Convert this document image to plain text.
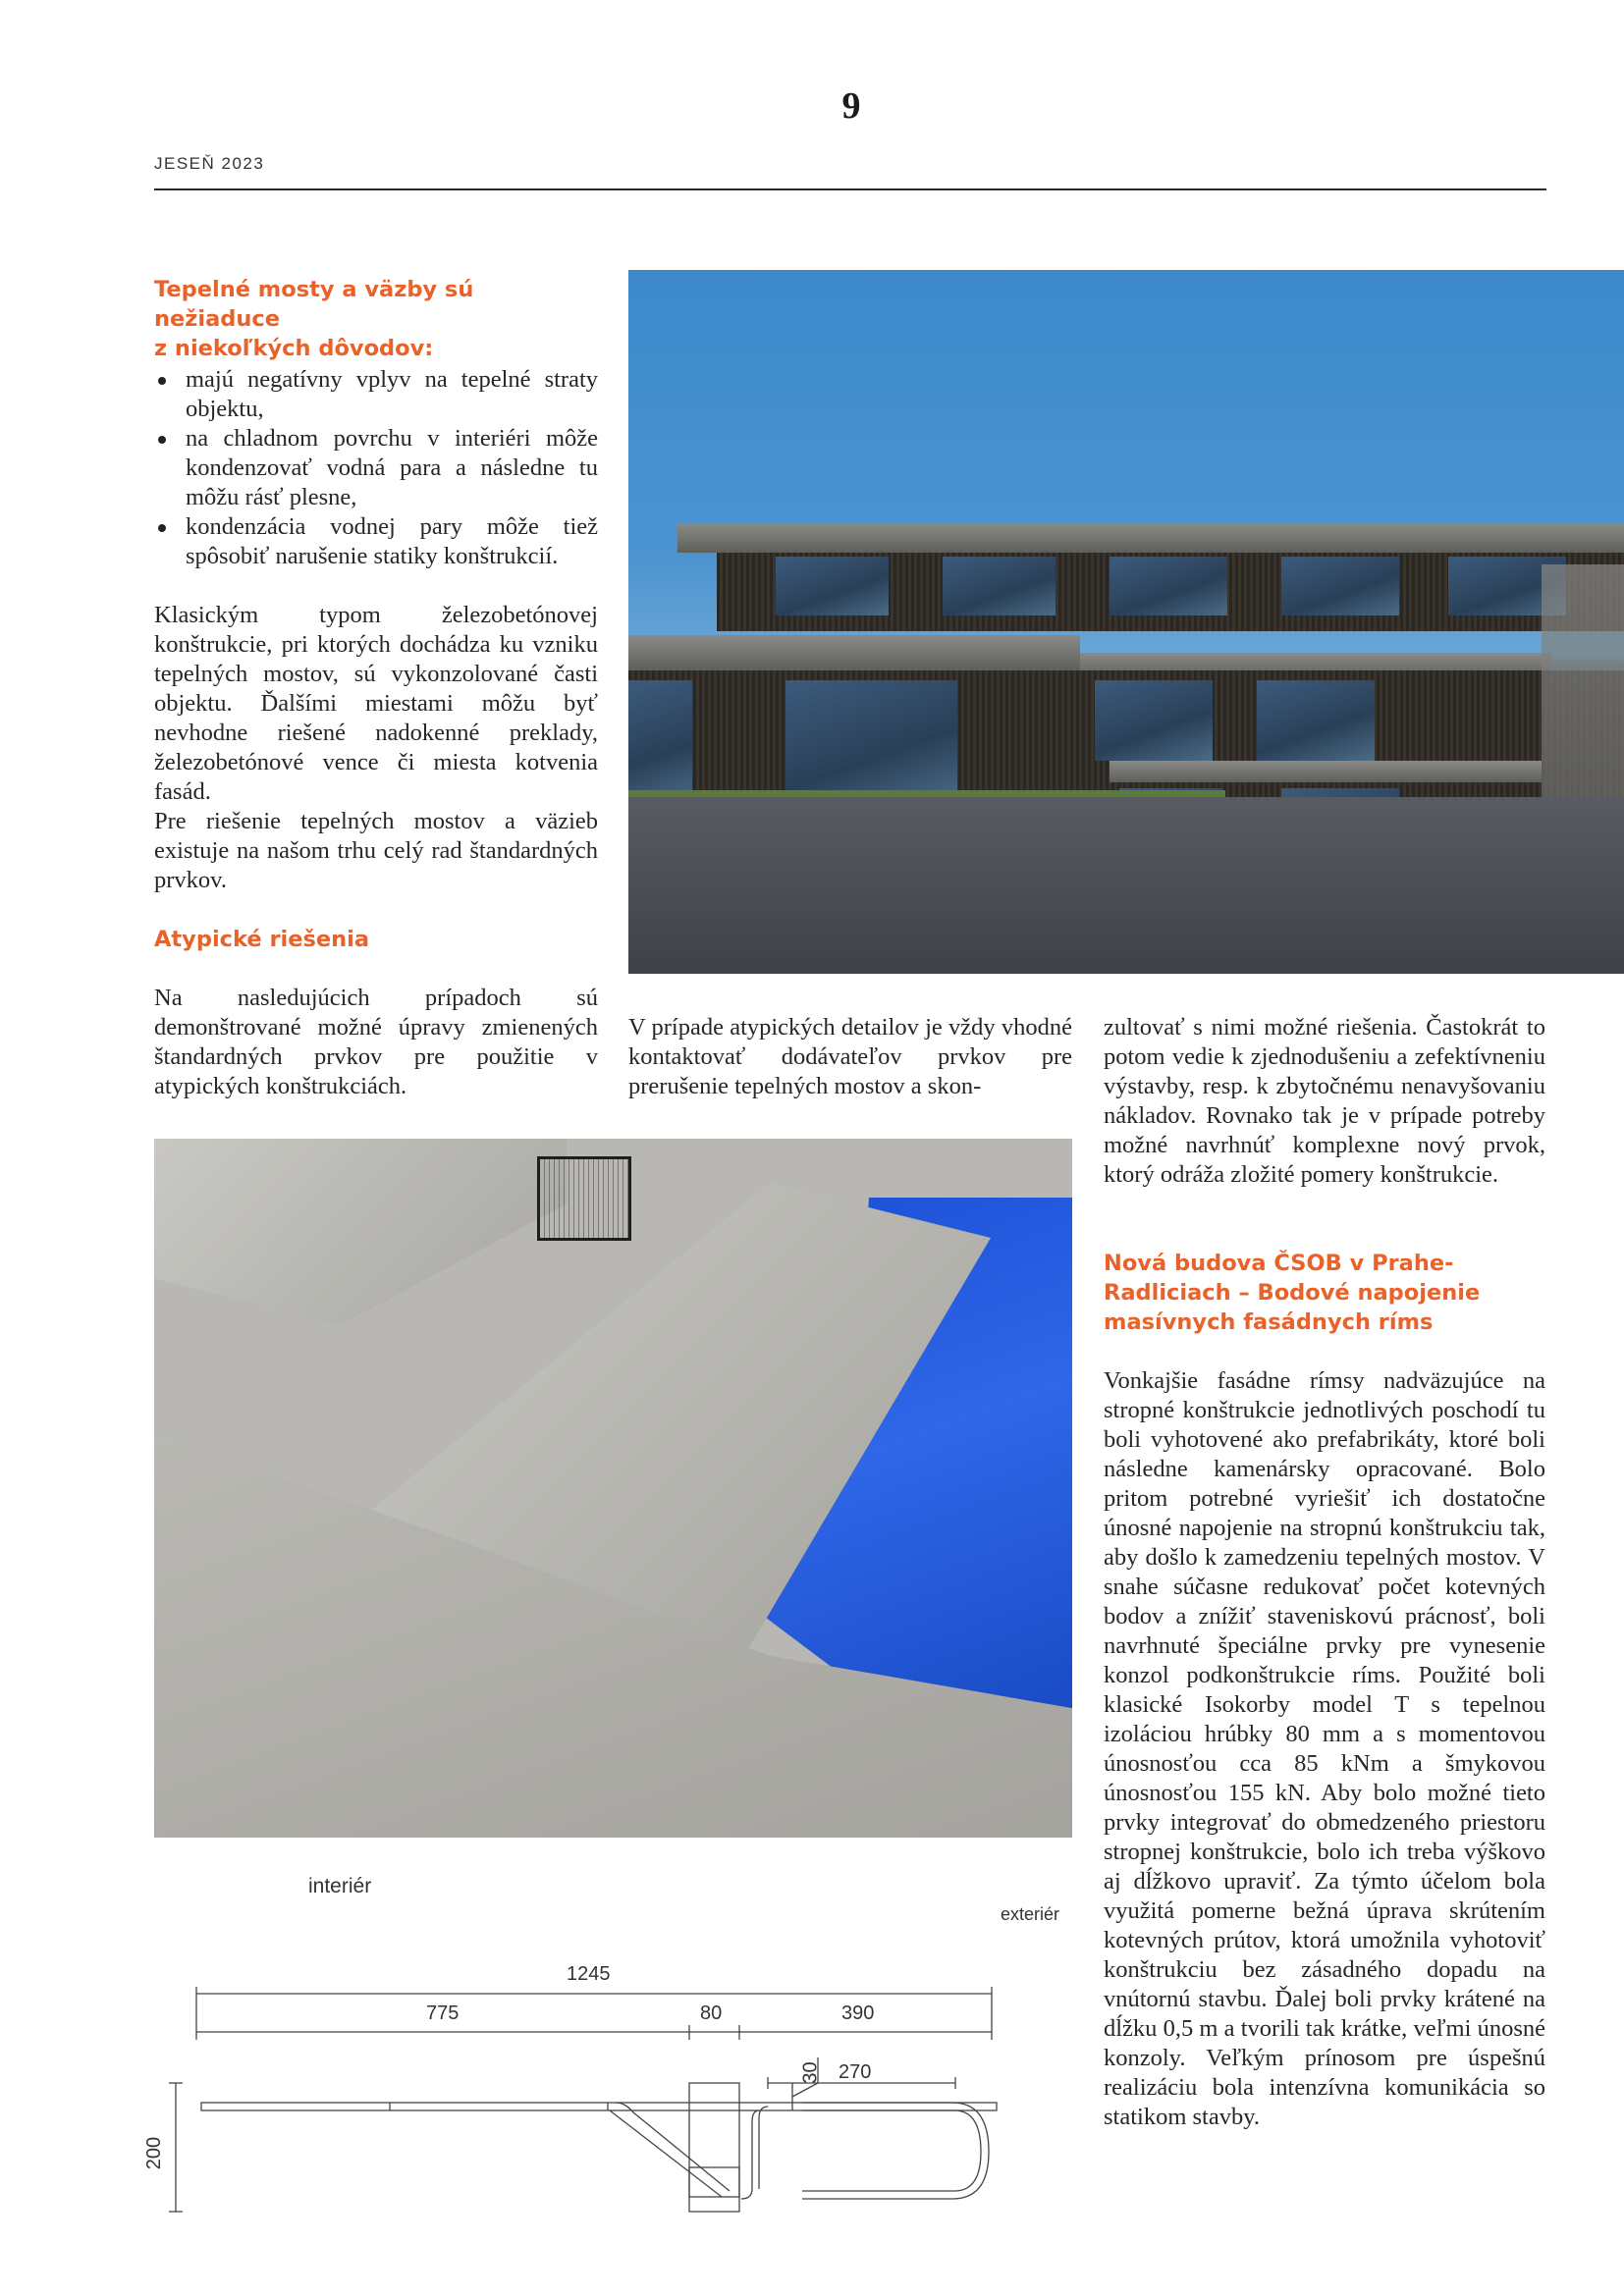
9
JESEŇ 2023
Tepelné mosty a väzby sú nežiaducе
z niekoľkých dôvodov:
majú negatívny vplyv na tepelné straty objektu,
na chladnom povrchu v interiéri môže kondenzovať vodná para a následne tu môžu rásť plesne,
kondenzácia vodnej pary môže tiež spôsobiť narušenie statiky konštrukcií.
Klasickým typom železobetónovej konštrukcie, pri ktorých dochádza ku vzniku tepelných mostov, sú vykonzolované časti objektu. Ďalšími miestami môžu byť nevhodne riešené nadokenné preklady, železobetónové vence či miesta kotvenia fasád.
Pre riešenie tepelných mostov a väzieb existuje na našom trhu celý rad štandardných prvkov.
Atypické riešenia
Na nasledujúcich prípadoch sú demonštrované možné úpravy zmienených štandardných prvkov pre použitie v atypických konštrukciách.
V prípade atypických detailov je vždy vhodné kontaktovať dodávateľov prvkov pre prerušenie tepelných mostov a skon-
zultovať s nimi možné riešenia. Častokrát to potom vedie k zjednodušeniu a zefektívneniu výstavby, resp. k zbytočnému nenavyšovaniu nákladov. Rovnako tak je v prípade potreby možné navrhnúť komplexne nový prvok, ktorý odráža zložité pomery konštrukcie.
Nová budova ČSOB v Prahe-Radliciach – Bodové napojenie masívnych fasádnych ríms
Vonkajšie fasádne rímsy nadväzujúce na stropné konštrukcie jednotlivých poschodí tu boli vyhotovené ako prefabrikáty, ktoré boli následne kamenársky opracované. Bolo pritom potrebné vyriešiť ich dostatočne únosné napojenie na stropnú konštrukciu tak, aby došlo k zamedzeniu tepelných mostov. V snahe súčasne redukovať počet kotevných bodov a znížiť staveniskovú prácnosť, boli navrhnuté špeciálne prvky pre vynesenie konzol podkonštrukcie ríms. Použité boli klasické Isokorby model T s tepelnou izoláciou hrúbky 80 mm a s momentovou únosnosťou cca 85 kNm a šmykovou únosnosťou 155 kN. Aby bolo možné tieto prvky integrovať do obmedzeného priestoru stropnej konštrukcie, bolo ich treba výškovo aj dĺžkovo upraviť. Za týmto účelom bola využitá pomerne bežná úprava skrútením kotevných prútov, ktorá umožnila vyhotoviť konštrukciu bez zásadného dopadu na vnútornú stavbu. Ďalej boli prvky krátené na dĺžku 0,5 m a tvorili tak krátke, veľmi únosné konzoly. Veľkým prínosom pre úspešnú realizáciu bola intenzívna komunikácia so statikom stavby.
interiér
exteriér
1245
775	80	390
200
30 270
